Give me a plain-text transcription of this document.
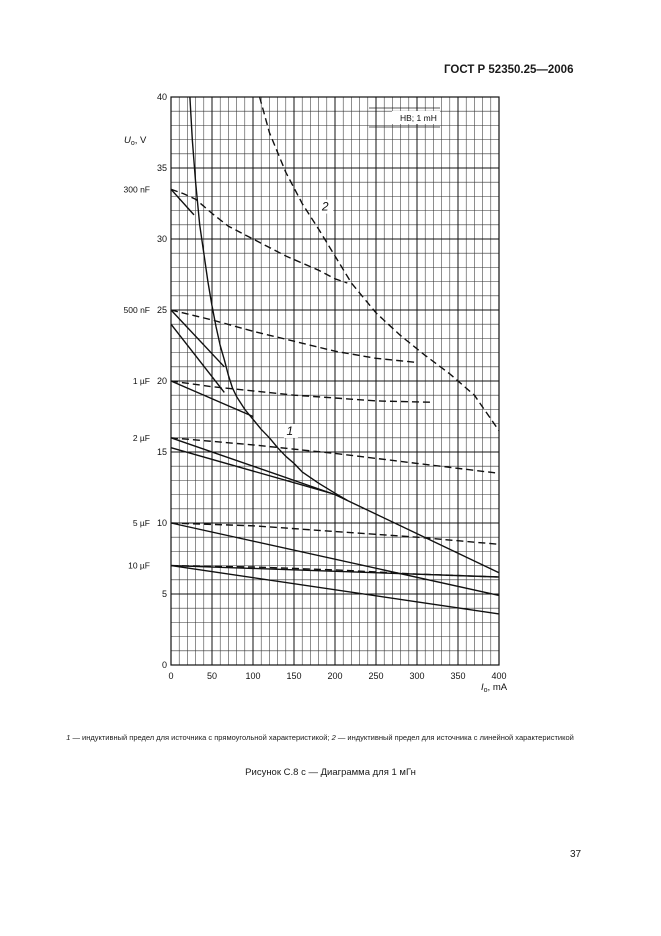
ГОСТ Р 52350.25—2006
0	50	100	150	200	250	300	350	400
0
5
10
15
20
25
30
35
40
300 nF
500 nF
1 µF
2 µF
5 µF
10 µF
1
2
HB; 1 mH
$U_o$, V
$I_o$, mA
1 — индуктивный предел для источника с прямоугольной характеристикой; 2 — индуктивный предел для источника с линейной характеристикой
Рисунок С.8 с — Диаграмма для 1 мГн
37
